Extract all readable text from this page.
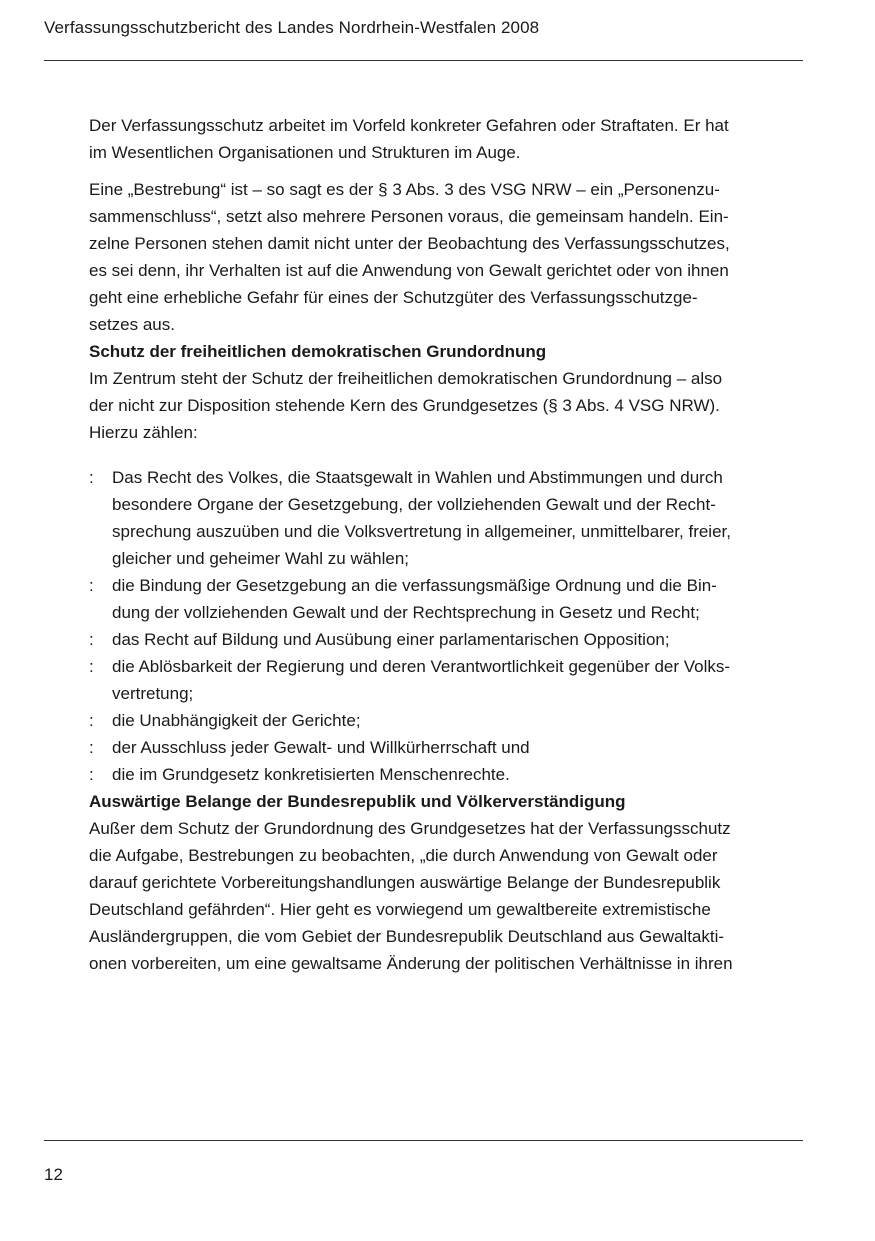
Verfassungsschutzbericht des Landes Nordrhein-Westfalen 2008

Der Verfassungsschutz arbeitet im Vorfeld konkreter Gefahren oder Straftaten. Er hat
im Wesentlichen Organisationen und Strukturen im Auge.

Eine „Bestrebung“ ist – so sagt es der § 3 Abs. 3 des VSG NRW – ein „Personenzu-
sammenschluss“, setzt also mehrere Personen voraus, die gemeinsam handeln. Ein-
zelne Personen stehen damit nicht unter der Beobachtung des Verfassungsschutzes,
es sei denn, ihr Verhalten ist auf die Anwendung von Gewalt gerichtet oder von ihnen
geht eine erhebliche Gefahr für eines der Schutzgüter des Verfassungsschutzge-
setzes aus.

Schutz der freiheitlichen demokratischen Grundordnung

Im Zentrum steht der Schutz der freiheitlichen demokratischen Grundordnung – also
der nicht zur Disposition stehende Kern des Grundgesetzes (§ 3 Abs. 4 VSG NRW).
Hierzu zählen:

: Das Recht des Volkes, die Staatsgewalt in Wahlen und Abstimmungen und durch
besondere Organe der Gesetzgebung, der vollziehenden Gewalt und der Recht-
sprechung auszuüben und die Volksvertretung in allgemeiner, unmittelbarer, freier,
gleicher und geheimer Wahl zu wählen;
: die Bindung der Gesetzgebung an die verfassungsmäßige Ordnung und die Bin-
dung der vollziehenden Gewalt und der Rechtsprechung in Gesetz und Recht;
: das Recht auf Bildung und Ausübung einer parlamentarischen Opposition;
: die Ablösbarkeit der Regierung und deren Verantwortlichkeit gegenüber der Volks-
vertretung;
: die Unabhängigkeit der Gerichte;
: der Ausschluss jeder Gewalt- und Willkürherrschaft und
: die im Grundgesetz konkretisierten Menschenrechte.

Auswärtige Belange der Bundesrepublik und Völkerverständigung

Außer dem Schutz der Grundordnung des Grundgesetzes hat der Verfassungsschutz
die Aufgabe, Bestrebungen zu beobachten, „die durch Anwendung von Gewalt oder
darauf gerichtete Vorbereitungshandlungen auswärtige Belange der Bundesrepublik
Deutschland gefährden“. Hier geht es vorwiegend um gewaltbereite extremistische
Ausländergruppen, die vom Gebiet der Bundesrepublik Deutschland aus Gewaltakti-
onen vorbereiten, um eine gewaltsame Änderung der politischen Verhältnisse in ihren

12
